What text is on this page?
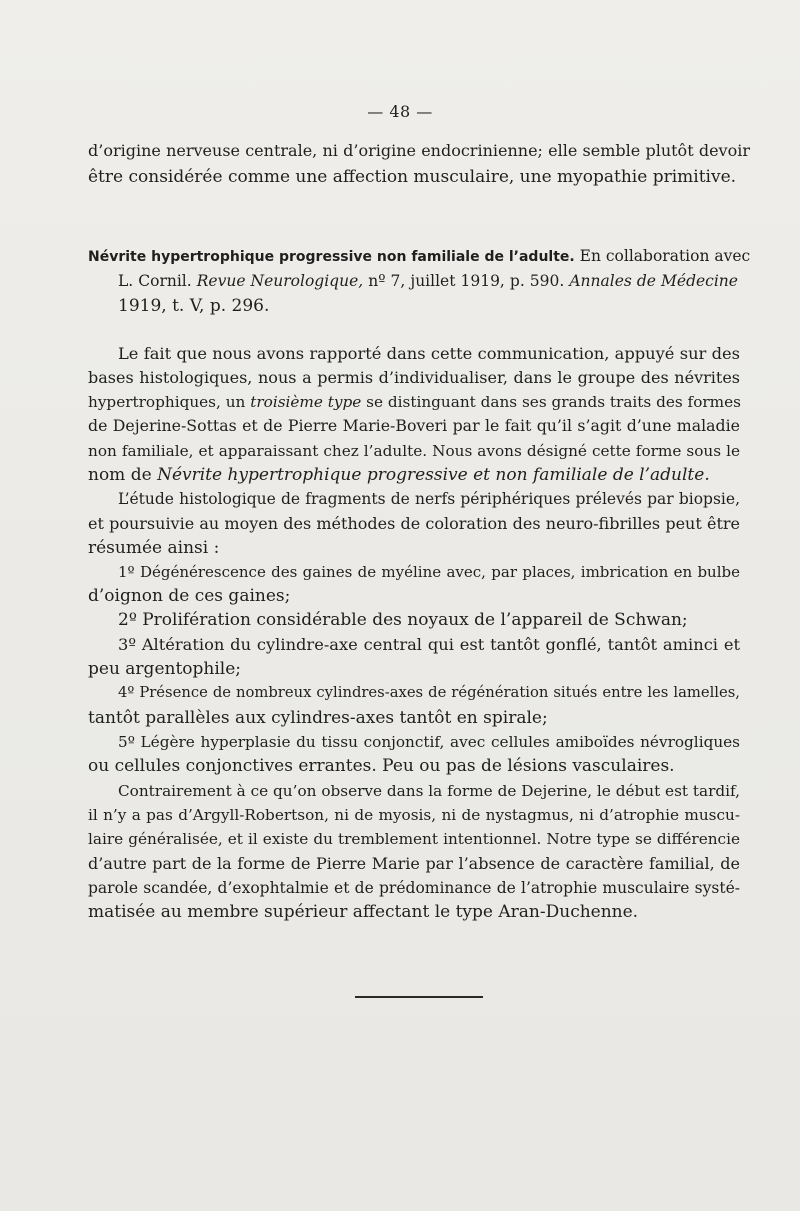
— 48 —
d’origine nerveuse centrale, ni d’origine endocrinienne; elle semble plutôt devoir
être considérée comme une affection musculaire, une myopathie primitive.
Névrite hypertrophique progressive non familiale de l’adulte. En collaboration avec
L. Cornil. Revue Neurologique, nº 7, juillet 1919, p. 590. Annales de Médecine
1919, t. V, p. 296.
Le fait que nous avons rapporté dans cette communication, appuyé sur des
bases histologiques, nous a permis d’individualiser, dans le groupe des névrites
hypertrophiques, un troisième type se distinguant dans ses grands traits des formes
de Dejerine-Sottas et de Pierre Marie-Boveri par le fait qu’il s’agit d’une maladie
non familiale, et apparaissant chez l’adulte. Nous avons désigné cette forme sous le
nom de Névrite hypertrophique progressive et non familiale de l’adulte.
L’étude histologique de fragments de nerfs périphériques prélevés par biopsie,
et poursuivie au moyen des méthodes de coloration des neuro-fibrilles peut être
résumée ainsi :
1º Dégénérescence des gaines de myéline avec, par places, imbrication en bulbe
d’oignon de ces gaines;
2º Prolifération considérable des noyaux de l’appareil de Schwan;
3º Altération du cylindre-axe central qui est tantôt gonflé, tantôt aminci et
peu argentophile;
4º Présence de nombreux cylindres-axes de régénération situés entre les lamelles,
tantôt parallèles aux cylindres-axes tantôt en spirale;
5º Légère hyperplasie du tissu conjonctif, avec cellules amiboïdes névrogliques
ou cellules conjonctives errantes. Peu ou pas de lésions vasculaires.
Contrairement à ce qu’on observe dans la forme de Dejerine, le début est tardif,
il n’y a pas d’Argyll-Robertson, ni de myosis, ni de nystagmus, ni d’atrophie muscu-
laire généralisée, et il existe du tremblement intentionnel. Notre type se différencie
d’autre part de la forme de Pierre Marie par l’absence de caractère familial, de
parole scandée, d’exophtalmie et de prédominance de l’atrophie musculaire systé-
matisée au membre supérieur affectant le type Aran-Duchenne.
